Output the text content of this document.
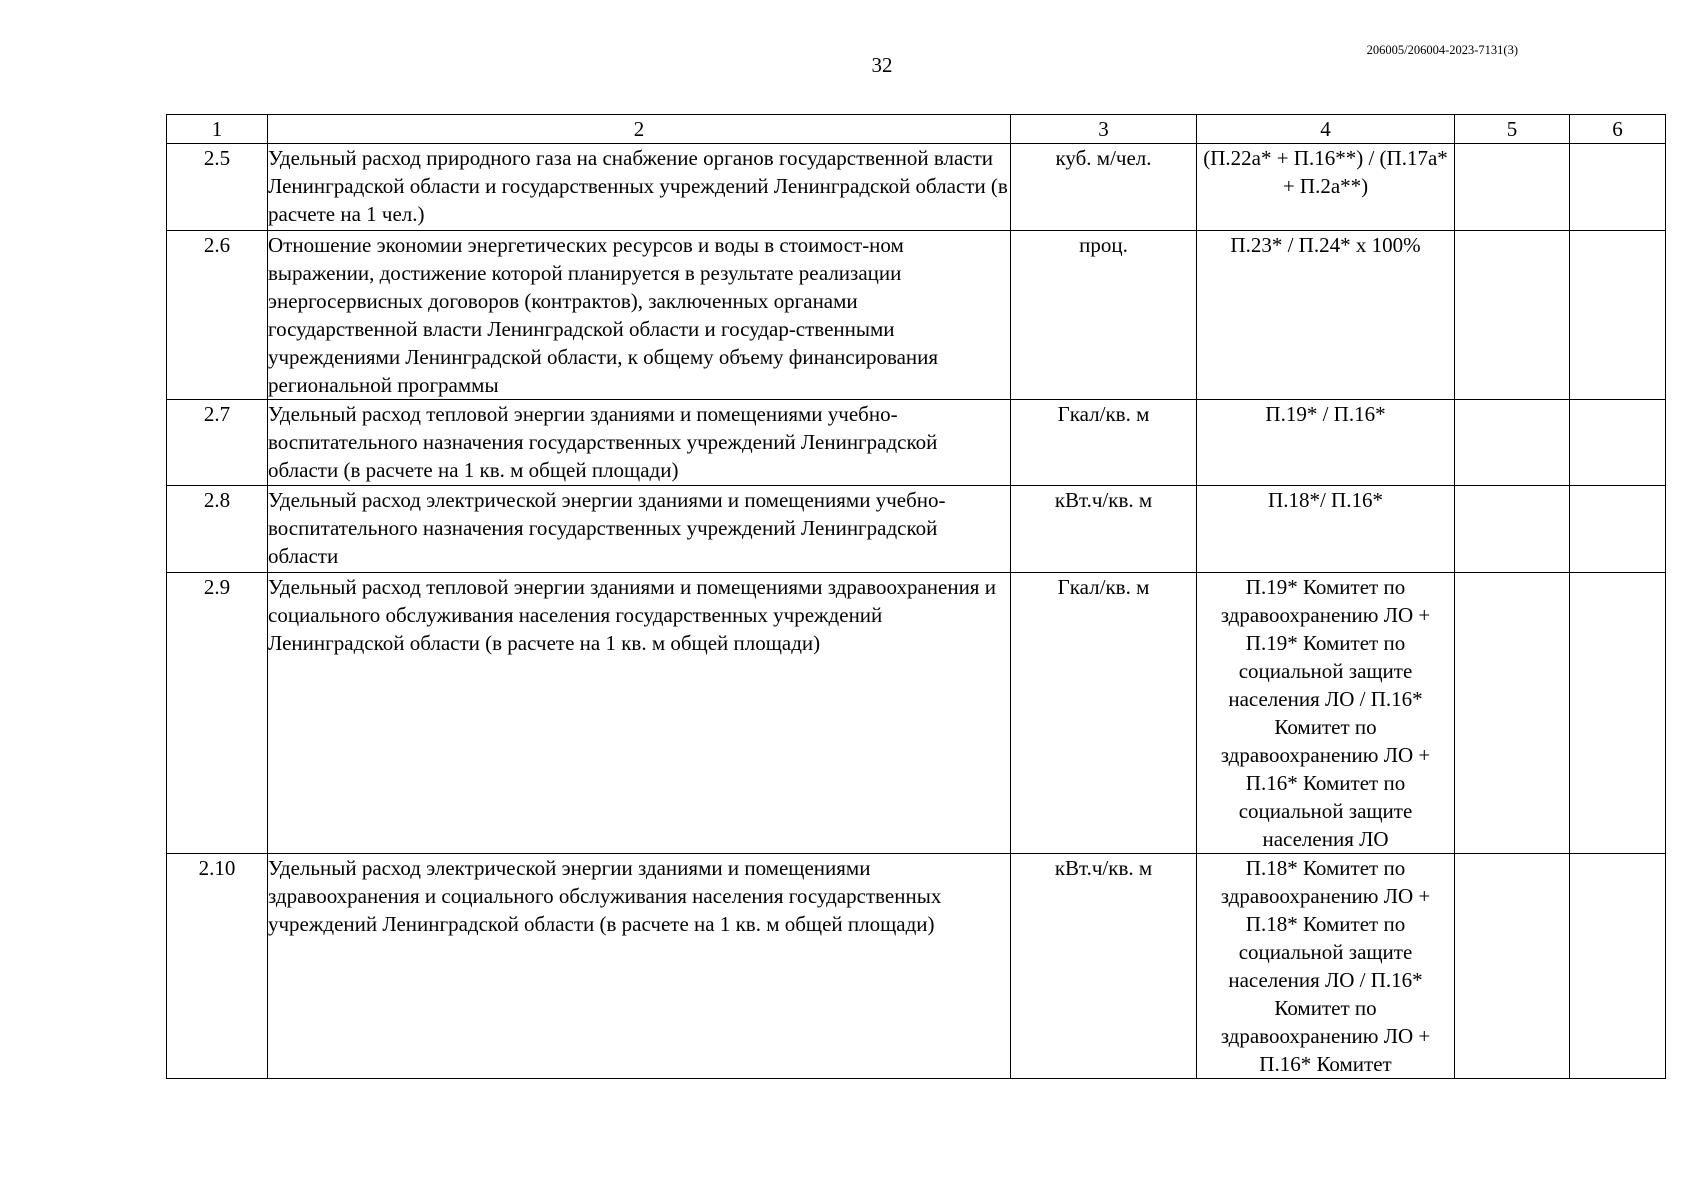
32
206005/206004-2023-7131(3)
1	2	3	4	5	6
2.5	Удельный расход природного газа на снабжение органов государственной власти Ленинградской области и государственных учреждений Ленинградской области (в расчете на 1 чел.)	куб. м/чел.	(П.22а* + П.16**) / (П.17а* + П.2а**)		
2.6	Отношение экономии энергетических ресурсов и воды в стоимост-ном выражении, достижение которой планируется в результате реализации энергосервисных договоров (контрактов), заключенных органами государственной власти Ленинградской области и государ-ственными учреждениями Ленинградской области, к общему объему финансирования региональной программы	проц.	П.23* / П.24* х 100%		
2.7	Удельный расход тепловой энергии зданиями и помещениями учебно-воспитательного назначения государственных учреждений Ленинградской области (в расчете на 1 кв. м общей площади)	Гкал/кв. м	П.19* / П.16*		
2.8	Удельный расход электрической энергии зданиями и помещениями учебно-воспитательного назначения государственных учреждений Ленинградской области	кВт.ч/кв. м	П.18*/ П.16*		
2.9	Удельный расход тепловой энергии зданиями и помещениями здравоохранения и социального обслуживания населения государственных учреждений Ленинградской области (в расчете на 1 кв. м общей площади)	Гкал/кв. м	П.19* Комитет по здравоохранению ЛО + П.19* Комитет по социальной защите населения ЛО / П.16* Комитет по здравоохранению ЛО + П.16* Комитет по социальной защите населения ЛО		
2.10	Удельный расход электрической энергии зданиями и помещениями здравоохранения и социального обслуживания населения государственных учреждений Ленинградской области (в расчете на 1 кв. м общей площади)	кВт.ч/кв. м	П.18* Комитет по здравоохранению ЛО + П.18* Комитет по социальной защите населения ЛО / П.16* Комитет по здравоохранению ЛО + П.16* Комитет		
